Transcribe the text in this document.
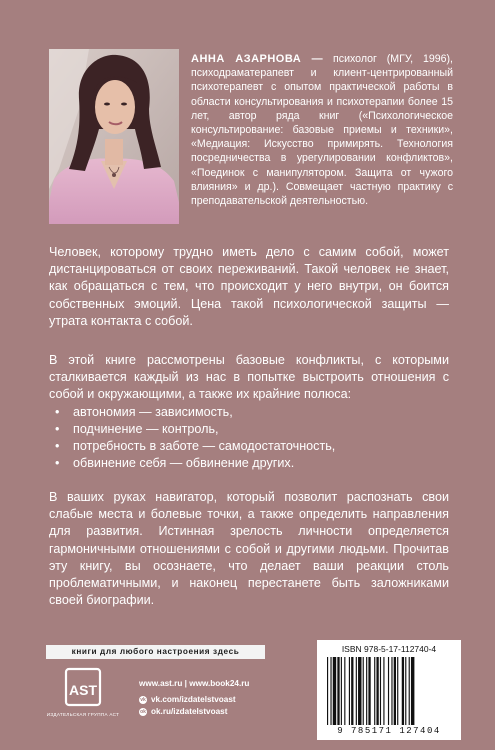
АННА АЗАРНОВА — психолог (МГУ, 1996), психодраматерапевт и клиент-центрированный психотерапевт с опытом практической работы в области консультирования и психотерапии более 15 лет, автор ряда книг («Психологическое консультирование: базовые приемы и техники», «Медиация: Искусство примирять. Технология посредничества в урегулировании конфликтов», «Поединок с манипулятором. Защита от чужого влияния» и др.). Совмещает частную практику с преподавательской деятельностью.
Человек, которому трудно иметь дело с самим собой, может дистанцироваться от своих переживаний. Такой человек не знает, как обращаться с тем, что происходит у него внутри, он боится собственных эмоций. Цена такой психологической защиты — утрата контакта с собой.
В этой книге рассмотрены базовые конфликты, с которыми сталкивается каждый из нас в попытке выстроить отношения с собой и окружающими, а также их крайние полюса:
• автономия — зависимость,
• подчинение — контроль,
• потребность в заботе — самодостаточность,
• обвинение себя — обвинение других.
В ваших руках навигатор, который позволит распознать свои слабые места и болевые точки, а также определить направления для развития. Истинная зрелость личности определяется гармоничными отношениями с собой и другими людьми. Прочитав эту книгу, вы осознаете, что делает ваши реакции столь проблематичными, и наконец перестанете быть заложниками своей биографии.
книги для любого настроения здесь
AST
ИЗДАТЕЛЬСКАЯ ГРУППА АСТ
www.ast.ru | www.book24.ru
vk vk.com/izdatelstvoast
ok ok.ru/izdatelstvoast
ISBN 978-5-17-112740-4
9 785171 127404
